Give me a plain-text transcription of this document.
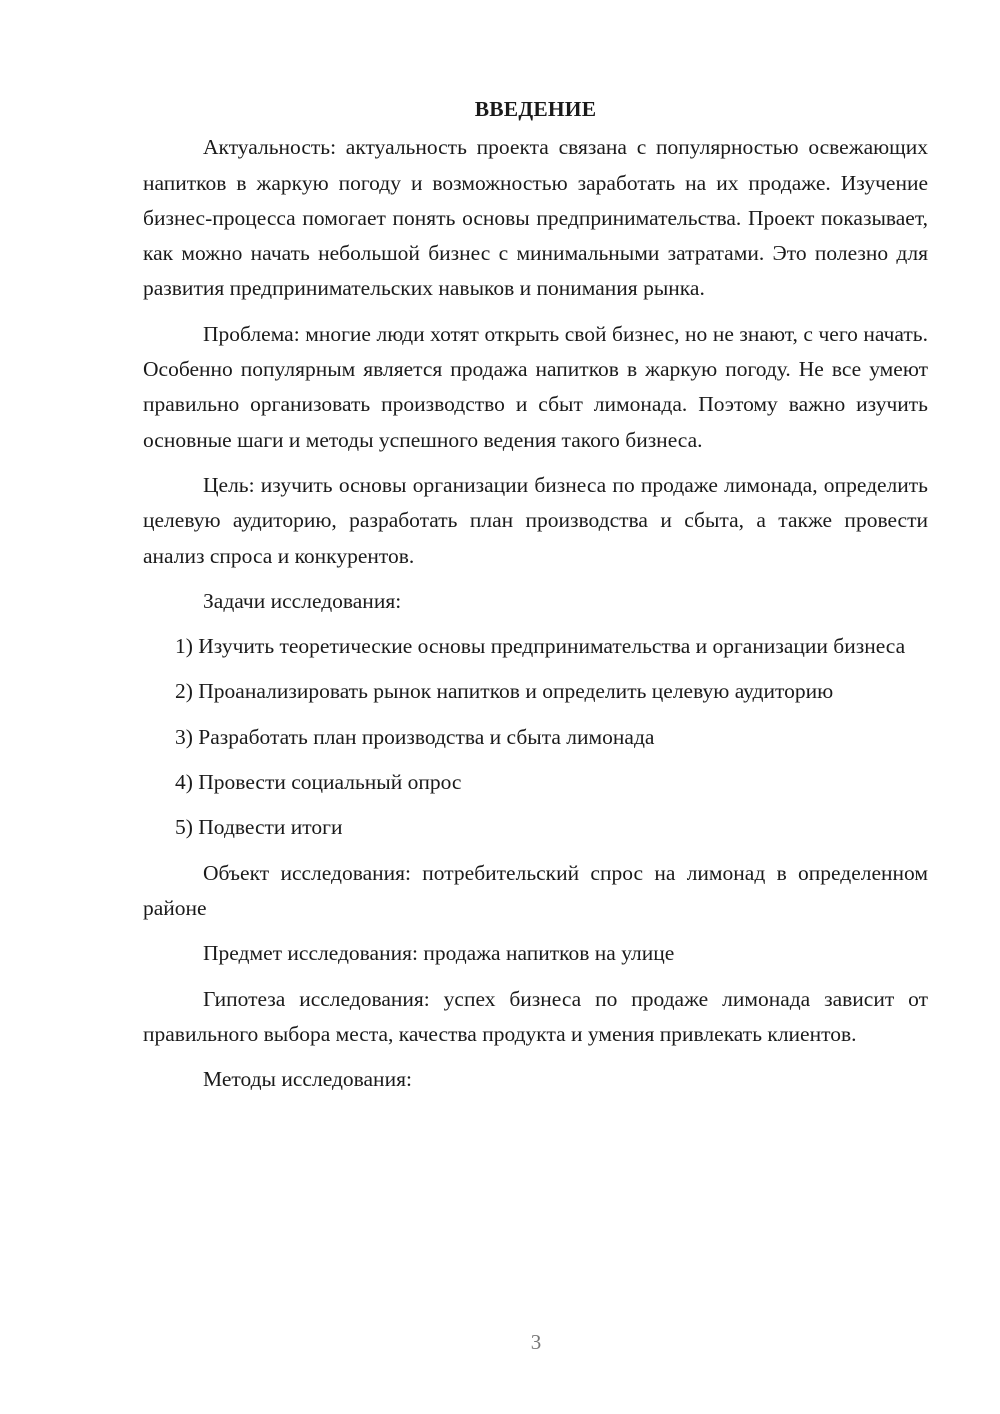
ВВЕДЕНИЕ

Актуальность: актуальность проекта связана с популярностью освежающих напитков в жаркую погоду и возможностью заработать на их продаже. Изучение бизнес-процесса помогает понять основы предпринимательства. Проект показывает, как можно начать небольшой бизнес с минимальными затратами. Это полезно для развития предпринимательских навыков и понимания рынка.

Проблема: многие люди хотят открыть свой бизнес, но не знают, с чего начать. Особенно популярным является продажа напитков в жаркую погоду. Не все умеют правильно организовать производство и сбыт лимонада. Поэтому важно изучить основные шаги и методы успешного ведения такого бизнеса.

Цель: изучить основы организации бизнеса по продаже лимонада, определить целевую аудиторию, разработать план производства и сбыта, а также провести анализ спроса и конкурентов.

Задачи исследования:

1) Изучить теоретические основы предпринимательства и организации бизнеса

2) Проанализировать рынок напитков и определить целевую аудиторию

3) Разработать план производства и сбыта лимонада

4) Провести социальный опрос

5) Подвести итоги

Объект исследования: потребительский спрос на лимонад в определенном районе

Предмет исследования: продажа напитков на улице

Гипотеза исследования: успех бизнеса по продаже лимонада зависит от правильного выбора места, качества продукта и умения привлекать клиентов.

Методы исследования:

3
